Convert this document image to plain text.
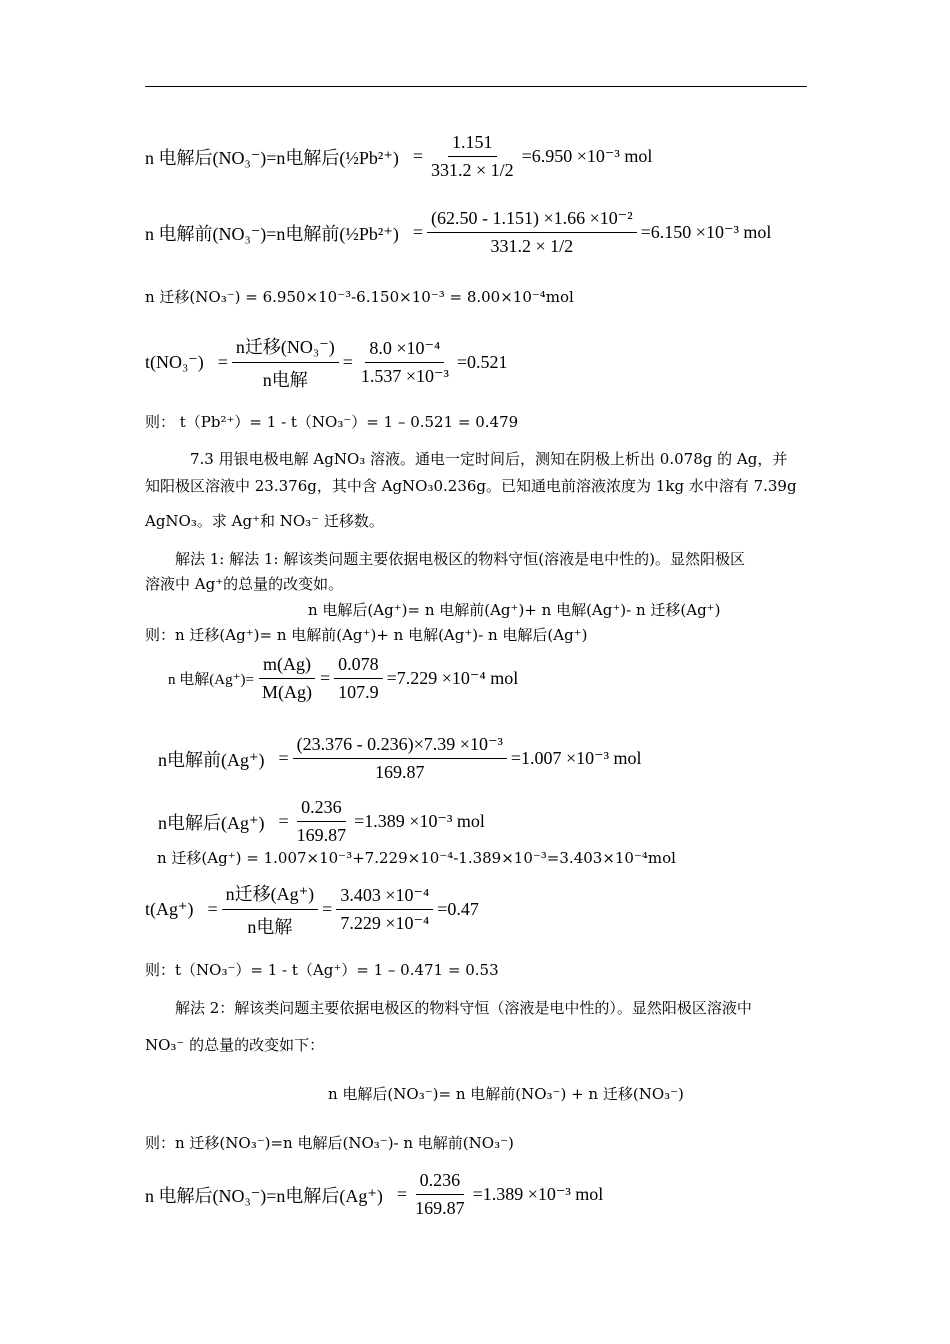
n 电解后(NO₃⁻)=n电解后(½Pb²⁺) = $\frac{1.151}{331.2 \times 1/2} =6.950 \times 10^{-3}$ mol
n 电解前(NO₃⁻)=n电解前(½Pb²⁺) = $\frac{\text{(62.50 - 1.151) ×1.66 ×10⁻²}}{331.2 \times 1/2} =6.150 \times 10^{-3}$ mol
n 迁移(NO₃⁻) = 6.950×10⁻³-6.150×10⁻³ = 8.00×10⁻⁴mol
$t(NO_3^-) = \frac{\text{n迁移(NO₃⁻)}}{\text{n电解}} = \frac{\text{8.0 ×10⁻⁴}}{\text{1.537 ×10⁻³}} =0.521$
则： t（Pb²⁺）= 1 - t（NO₃⁻）= 1 – 0.521 = 0.479
7.3 用银电极电解 AgNO₃ 溶液。通电一定时间后，测知在阴极上析出 0.078g 的 Ag，并
知阳极区溶液中 23.376g，其中含 AgNO₃0.236g。已知通电前溶液浓度为 1kg 水中溶有 7.39g
AgNO₃。求 Ag⁺和 NO₃⁻ 迁移数。
解法 1: 解法 1: 解该类问题主要依据电极区的物料守恒(溶液是电中性的)。显然阳极区
溶液中 Ag⁺的总量的改变如。
n 电解后(Ag⁺)= n 电解前(Ag⁺)+ n 电解(Ag⁺)- n 迁移(Ag⁺)
则：n 迁移(Ag⁺)= n 电解前(Ag⁺)+ n 电解(Ag⁺)- n 电解后(Ag⁺)
n 电解$(Ag^+)= \frac{m(Ag)}{M(Ag)} = \frac{0.078}{107.9} =7.229 \times 10^{-4}$ mol
n电解前$(Ag^+) = \frac{\text{(23.376 - 0.236)×7.39 ×10⁻³}}{169.87} =1.007 \times 10^{-3}$ mol
n电解后$(Ag^+) = \frac{0.236}{169.87} =1.389 \times 10^{-3}$ mol
n 迁移(Ag⁺) = 1.007×10⁻³+7.229×10⁻⁴-1.389×10⁻³=3.403×10⁻⁴mol
$t(Ag^+) = \frac{\text{n迁移(Ag⁺)}}{\text{n电解}} = \frac{\text{3.403 ×10⁻⁴}}{\text{7.229 ×10⁻⁴}} =0.47$
则：t（NO₃⁻）= 1 - t（Ag⁺）= 1 – 0.471 = 0.53
解法 2：解该类问题主要依据电极区的物料守恒（溶液是电中性的）。显然阳极区溶液中
NO₃⁻ 的总量的改变如下：
n 电解后(NO₃⁻)= n 电解前(NO₃⁻) + n 迁移(NO₃⁻)
则：n 迁移(NO₃⁻)=n 电解后(NO₃⁻)- n 电解前(NO₃⁻)
n 电解后(NO₃⁻)=n电解后$(Ag^+) = \frac{0.236}{169.87} =1.389 \times 10^{-3}$ mol
